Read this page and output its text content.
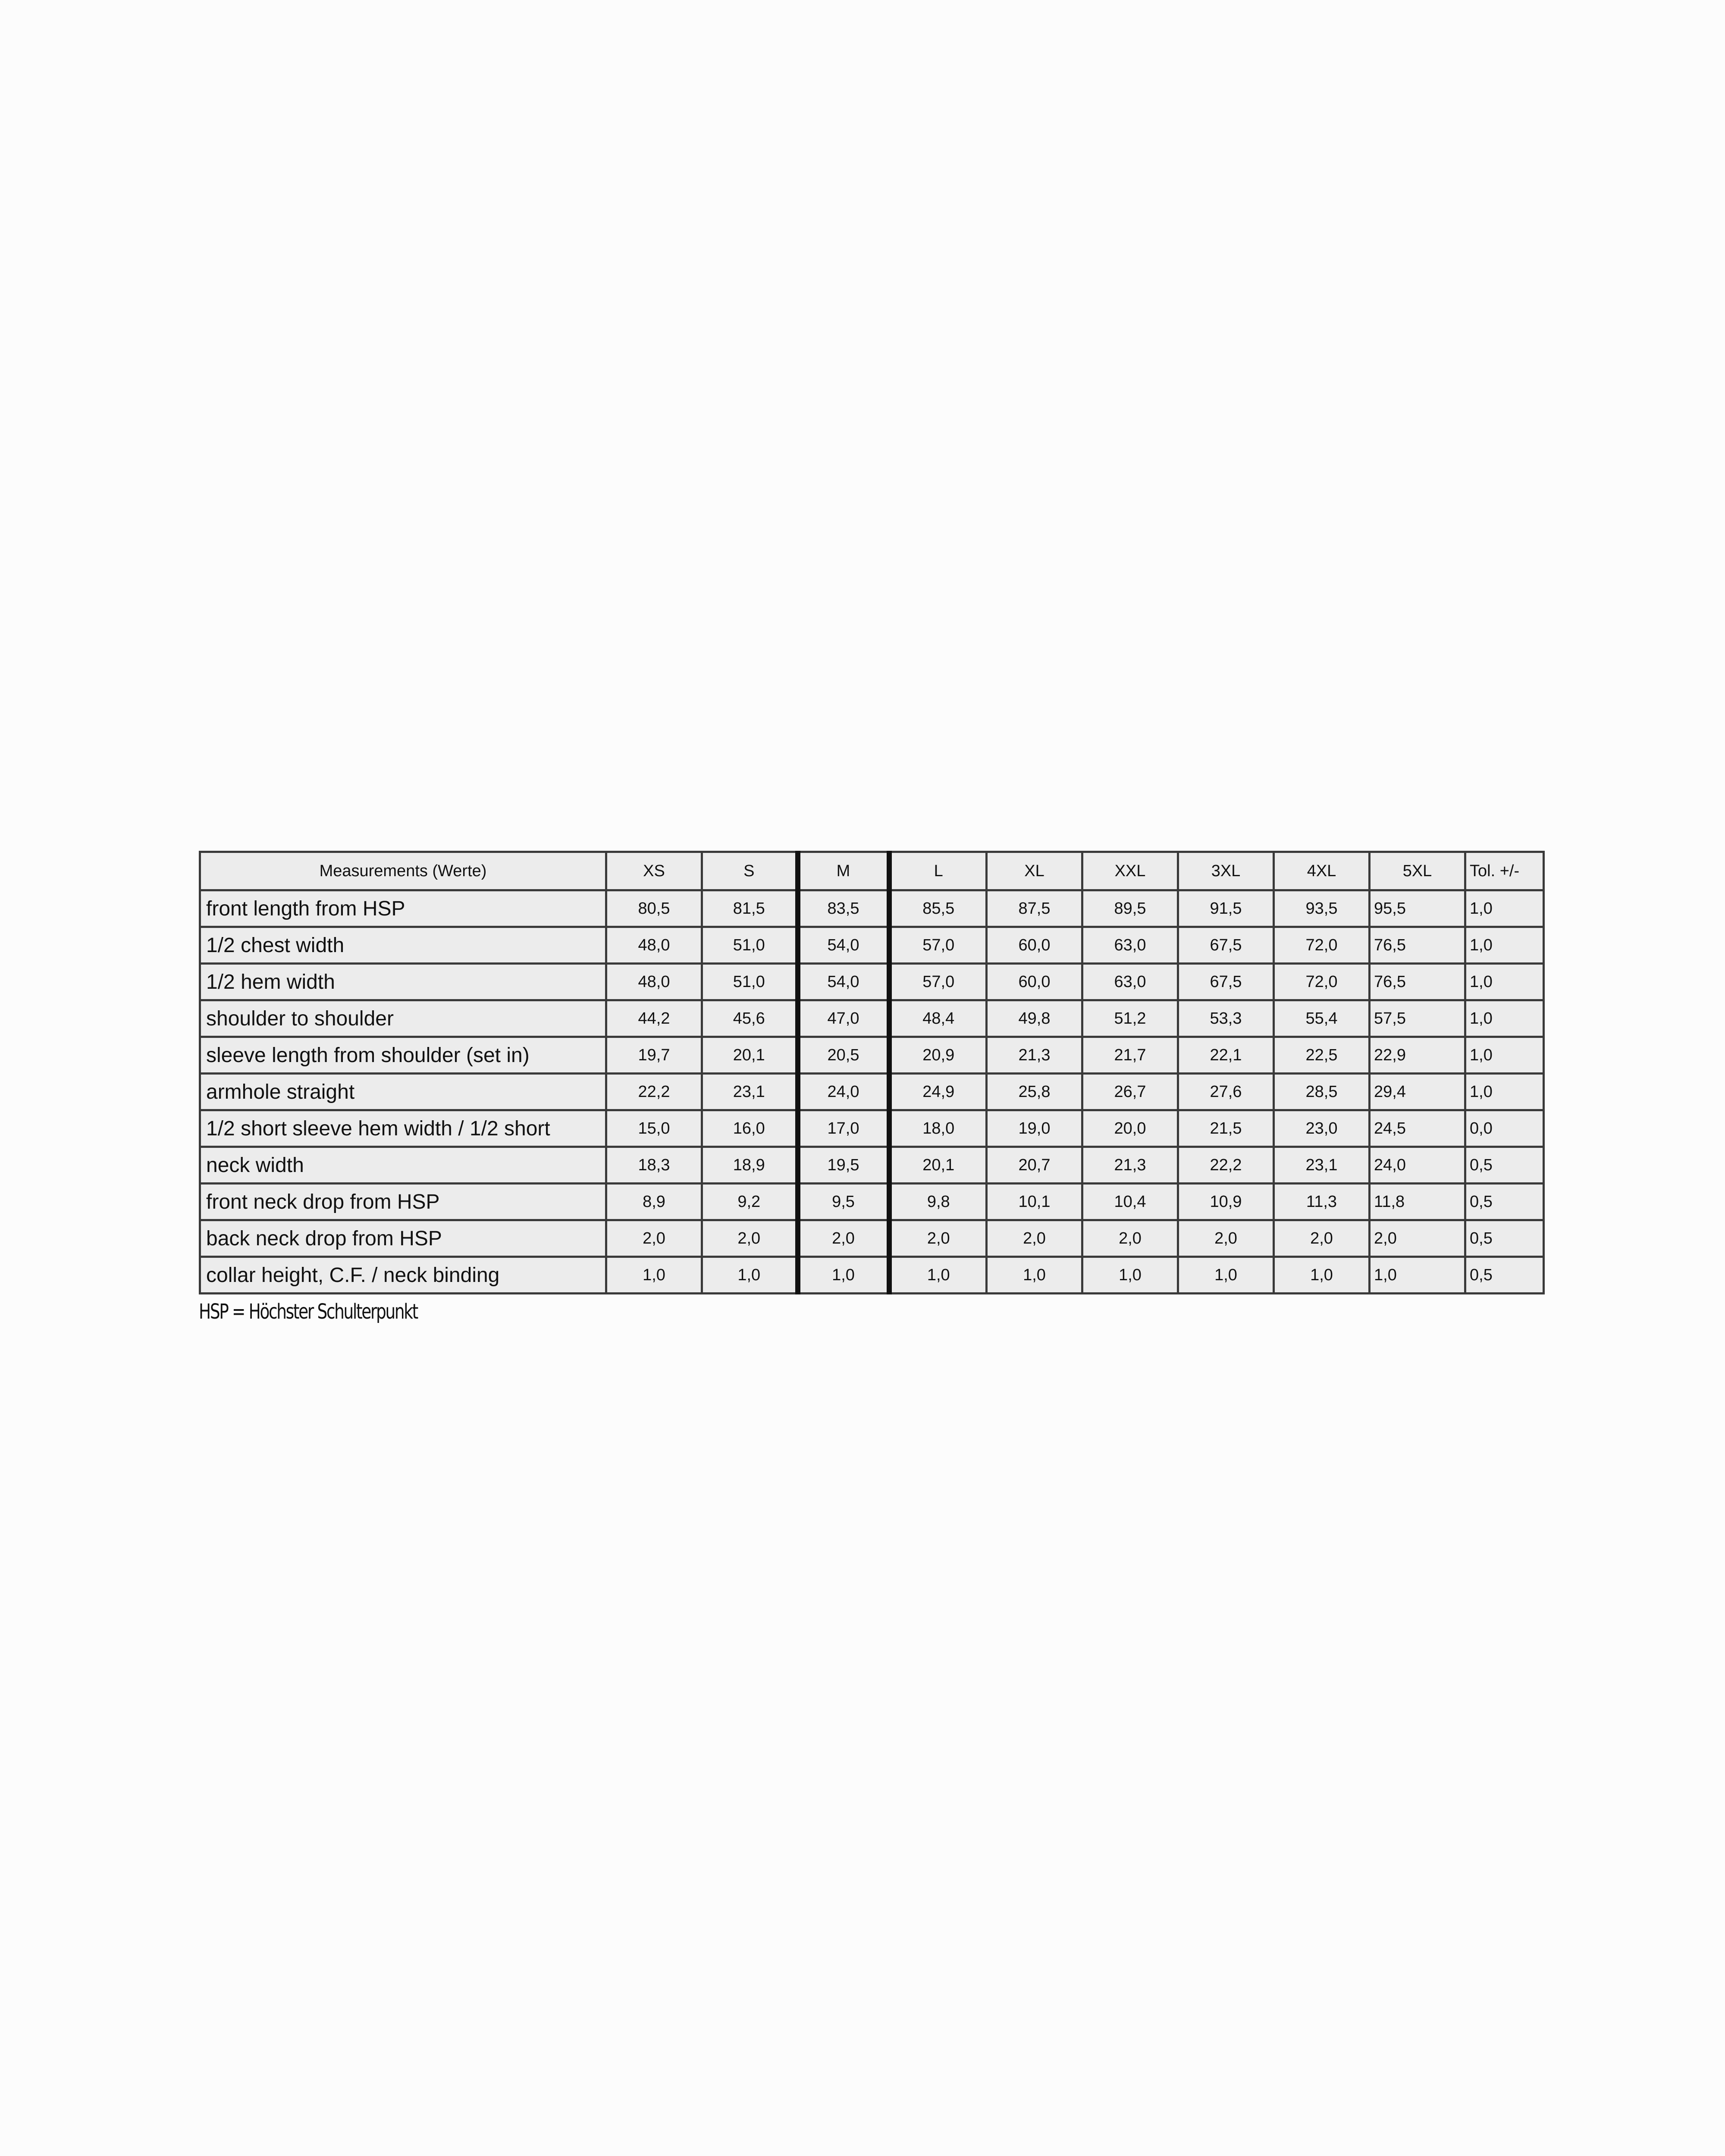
Measurements (Werte)	XS	S	M	L	XL	XXL	3XL	4XL	5XL	Tol. +/-
front length from HSP	80,5	81,5	83,5	85,5	87,5	89,5	91,5	93,5	95,5	1,0
1/2 chest width	48,0	51,0	54,0	57,0	60,0	63,0	67,5	72,0	76,5	1,0
1/2 hem width	48,0	51,0	54,0	57,0	60,0	63,0	67,5	72,0	76,5	1,0
shoulder to shoulder	44,2	45,6	47,0	48,4	49,8	51,2	53,3	55,4	57,5	1,0
sleeve length from shoulder (set in)	19,7	20,1	20,5	20,9	21,3	21,7	22,1	22,5	22,9	1,0
armhole straight	22,2	23,1	24,0	24,9	25,8	26,7	27,6	28,5	29,4	1,0
1/2 short sleeve hem width / 1/2 short	15,0	16,0	17,0	18,0	19,0	20,0	21,5	23,0	24,5	0,0
neck width	18,3	18,9	19,5	20,1	20,7	21,3	22,2	23,1	24,0	0,5
front neck drop from HSP	8,9	9,2	9,5	9,8	10,1	10,4	10,9	11,3	11,8	0,5
back neck drop from HSP	2,0	2,0	2,0	2,0	2,0	2,0	2,0	2,0	2,0	0,5
collar height, C.F. / neck binding	1,0	1,0	1,0	1,0	1,0	1,0	1,0	1,0	1,0	0,5
HSP = Höchster Schulterpunkt
